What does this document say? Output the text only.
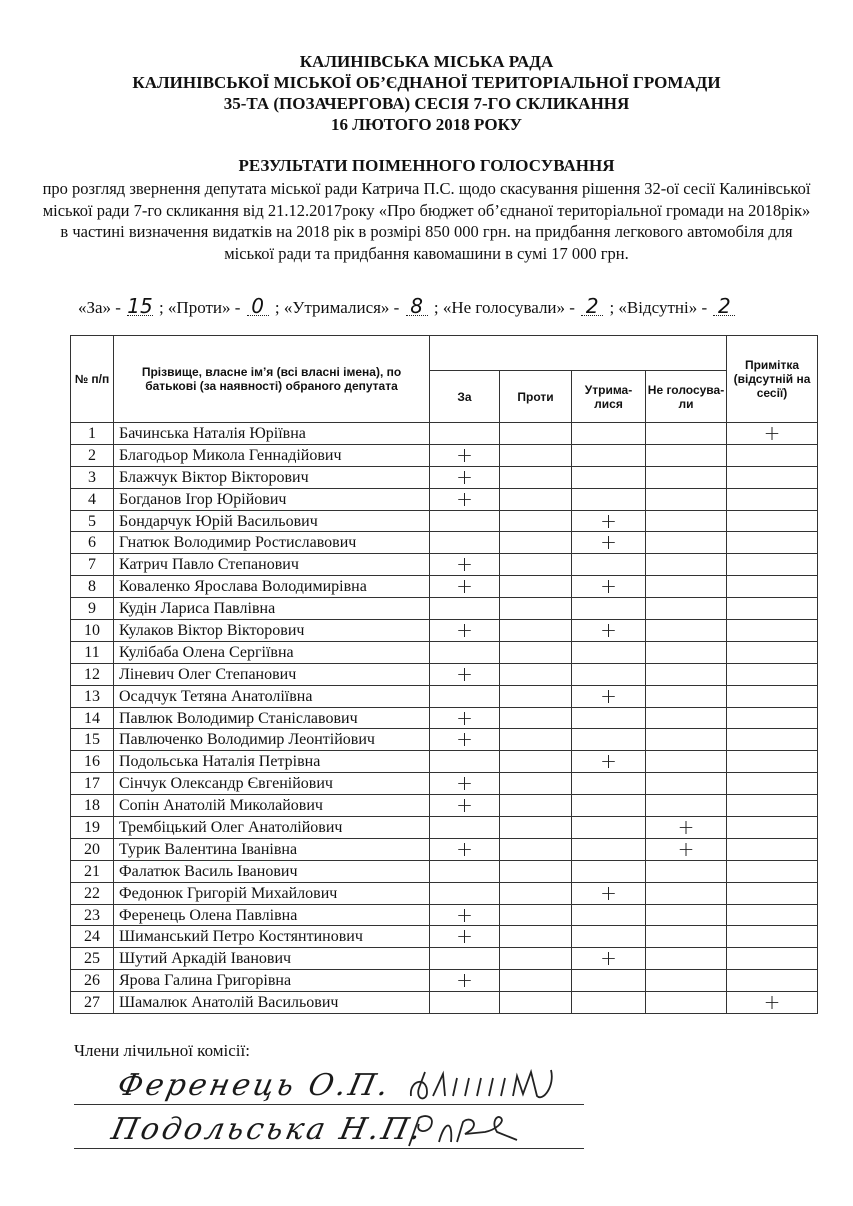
КАЛИНІВСЬКА МІСЬКА РАДА
КАЛИНІВСЬКОЇ МІСЬКОЇ ОБ’ЄДНАНОЇ ТЕРИТОРІАЛЬНОЇ ГРОМАДИ
35-ТА (ПОЗАЧЕРГОВА) СЕСІЯ 7-ГО СКЛИКАННЯ
16 ЛЮТОГО 2018 РОКУ
РЕЗУЛЬТАТИ ПОІМЕННОГО ГОЛОСУВАННЯ
про розгляд звернення депутата міської ради Катрича П.С. щодо скасування рішення 32-ої сесії Калинівської міської ради 7-го скликання від 21.12.2017року «Про бюджет об’єднаної територіальної громади на 2018рік» в частині визначення видатків на 2018 рік в розмірі 850 000 грн. на придбання легкового автомобіля для міської ради та придбання кавомашини в сумі 17 000 грн.
«За» - 15 ; «Проти» - 0 ; «Утрималися» - 8 ; «Не голосували» - 2 ; «Відсутні» - 2
№ п/п	Прізвище, власне ім’я (всі власні імена), по батькові (за наявності) обраного депутата					Примітка (відсутній на сесії)
		За	Проти	Утрима-лися	Не голосува-ли	
1	Бачинська Наталія Юріївна					+
2	Благодьор Микола Геннадійович	+				
3	Блажчук Віктор Вікторович	+				
4	Богданов Ігор Юрійович	+				
5	Бондарчук Юрій Васильович			+		
6	Гнатюк Володимир Ростиславович			+		
7	Катрич Павло Степанович	+				
8	Коваленко Ярослава Володимирівна	+		+		
9	Кудін Лариса Павлівна					
10	Кулаков Віктор Вікторович	+		+		
11	Кулібаба Олена Сергіївна					
12	Лінeвич Олег Степанович	+				
13	Осадчук Тетяна Анатоліївна			+		
14	Павлюк Володимир Станіславович	+				
15	Павлюченко Володимир Леонтійович	+				
16	Подольська Наталія Петрівна			+		
17	Сінчук Олександр Євгенійович	+				
18	Сопін Анатолій Миколайович	+				
19	Трембіцький Олег Анатолійович				+	
20	Турик Валентина Іванівна	+			+	
21	Фалатюк Василь Іванович					
22	Федонюк Григорій Михайлович			+		
23	Ференець Олена Павлівна	+				
24	Шиманський Петро Костянтинович	+				
25	Шутий Аркадій Іванович			+		
26	Ярова Галина Григорівна	+				
27	Шамалюк Анатолій Васильович					+
Члени лічильної комісії:
Ференець О.П.
Подольська Н.П.
